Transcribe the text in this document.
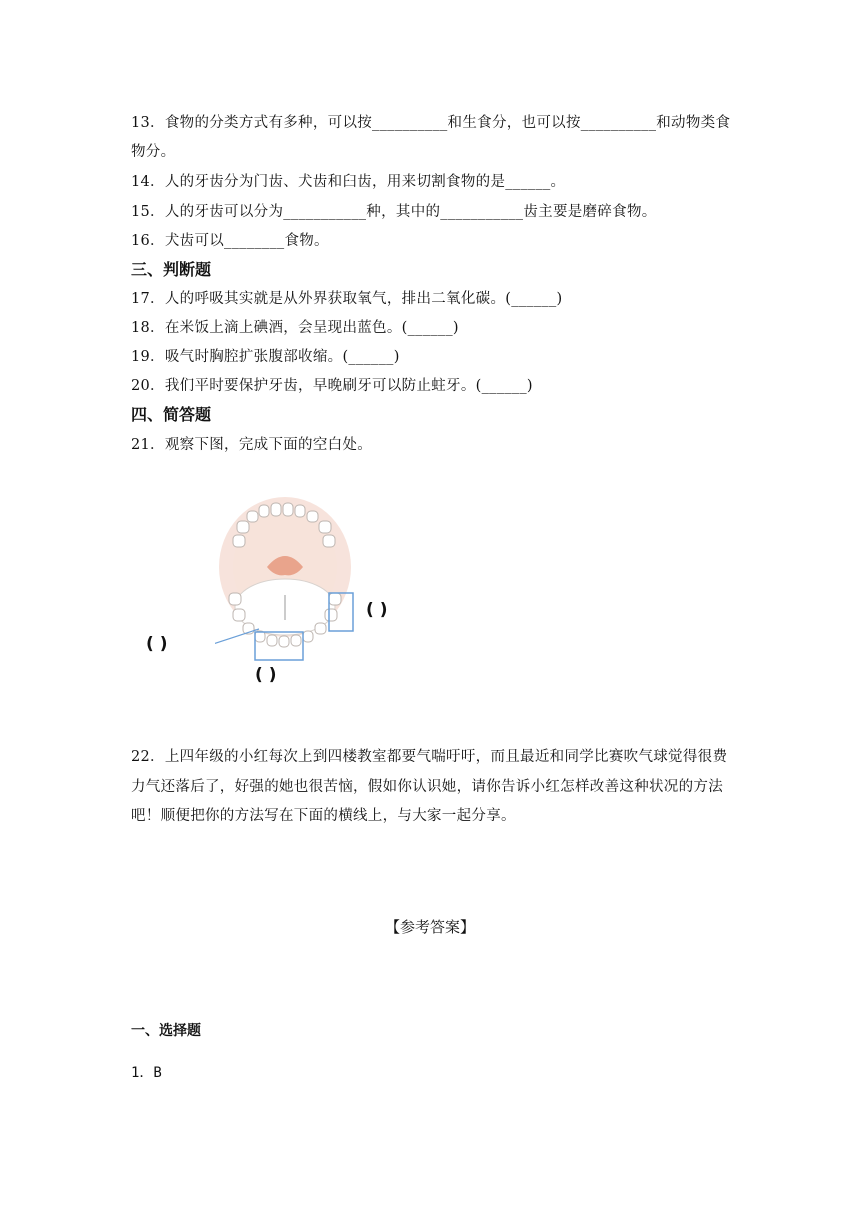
13．食物的分类方式有多种，可以按__________和生食分，也可以按__________和动物类食
物分。
14．人的牙齿分为门齿、犬齿和臼齿，用来切割食物的是______。
15．人的牙齿可以分为___________种，其中的___________齿主要是磨碎食物。
16．犬齿可以________食物。
三、判断题
17．人的呼吸其实就是从外界获取氧气，排出二氧化碳。(______)
18．在米饭上滴上碘酒，会呈现出蓝色。(______)
19．吸气时胸腔扩张腹部收缩。(______)
20．我们平时要保护牙齿，早晚刷牙可以防止蛀牙。(______)
四、简答题
21．观察下图，完成下面的空白处。
( )
( )
( )
22．上四年级的小红每次上到四楼教室都要气喘吁吁，而且最近和同学比赛吹气球觉得很费
力气还落后了，好强的她也很苦恼，假如你认识她，请你告诉小红怎样改善这种状况的方法
吧！顺便把你的方法写在下面的横线上，与大家一起分享。
【参考答案】
一、选择题
1．B
